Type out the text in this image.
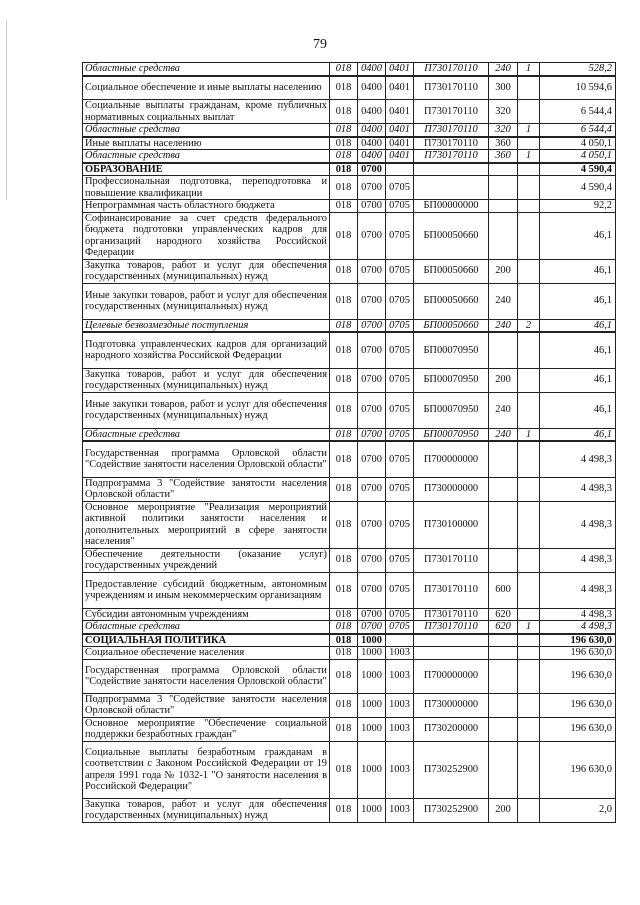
79
Областные средства	018	0400	0401	П730170110	240	1	528,2
Социальное обеспечение и иные выплаты населению	018	0400	0401	П730170110	300		10 594,6
Социальные выплаты гражданам, кроме публичных нормативных социальных выплат	018	0400	0401	П730170110	320		6 544,4
Областные средства	018	0400	0401	П730170110	320	1	6 544,4
Иные выплаты населению	018	0400	0401	П730170110	360		4 050,1
Областные средства	018	0400	0401	П730170110	360	1	4 050,1
ОБРАЗОВАНИЕ	018	0700					4 590,4
Профессиональная подготовка, переподготовка и повышение квалификации	018	0700	0705				4 590,4
Непрограммная часть областного бюджета	018	0700	0705	БП00000000			92,2
Софинансирование за счет средств федерального бюджета подготовки управленческих кадров для организаций народного хозяйства Российской Федерации	018	0700	0705	БП00050660			46,1
Закупка товаров, работ и услуг для обеспечения государственных (муниципальных) нужд	018	0700	0705	БП00050660	200		46,1
Иные закупки товаров, работ и услуг для обеспечения государственных (муниципальных) нужд	018	0700	0705	БП00050660	240		46,1
Целевые безвозмездные поступления	018	0700	0705	БП00050660	240	2	46,1
Подготовка управленческих кадров для организаций народного хозяйства Российской Федерации	018	0700	0705	БП00070950			46,1
Закупка товаров, работ и услуг для обеспечения государственных (муниципальных) нужд	018	0700	0705	БП00070950	200		46,1
Иные закупки товаров, работ и услуг для обеспечения государственных (муниципальных) нужд	018	0700	0705	БП00070950	240		46,1
Областные средства	018	0700	0705	БП00070950	240	1	46,1
Государственная программа Орловской области "Содействие занятости населения Орловской области"	018	0700	0705	П700000000			4 498,3
Подпрограмма 3 "Содействие занятости населения Орловской области"	018	0700	0705	П730000000			4 498,3
Основное мероприятие "Реализация мероприятий активной политики занятости населения и дополнительных мероприятий в сфере занятости населения"	018	0700	0705	П730100000			4 498,3
Обеспечение деятельности (оказание услуг) государственных учреждений	018	0700	0705	П730170110			4 498,3
Предоставление субсидий бюджетным, автономным учреждениям и иным некоммерческим организациям	018	0700	0705	П730170110	600		4 498,3
Субсидии автономным учреждениям	018	0700	0705	П730170110	620		4 498,3
Областные средства	018	0700	0705	П730170110	620	1	4 498,3
СОЦИАЛЬНАЯ ПОЛИТИКА	018	1000					196 630,0
Социальное обеспечение населения	018	1000	1003				196 630,0
Государственная программа Орловской области "Содействие занятости населения Орловской области"	018	1000	1003	П700000000			196 630,0
Подпрограмма 3 "Содействие занятости населения Орловской области"	018	1000	1003	П730000000			196 630,0
Основное мероприятие "Обеспечение социальной поддержки безработных граждан"	018	1000	1003	П730200000			196 630,0
Социальные выплаты безработным гражданам в соответствии с Законом Российской Федерации от 19 апреля 1991 года № 1032-1 "О занятости населения в Российской Федерации"	018	1000	1003	П730252900			196 630,0
Закупка товаров, работ и услуг для обеспечения государственных (муниципальных) нужд	018	1000	1003	П730252900	200		2,0
